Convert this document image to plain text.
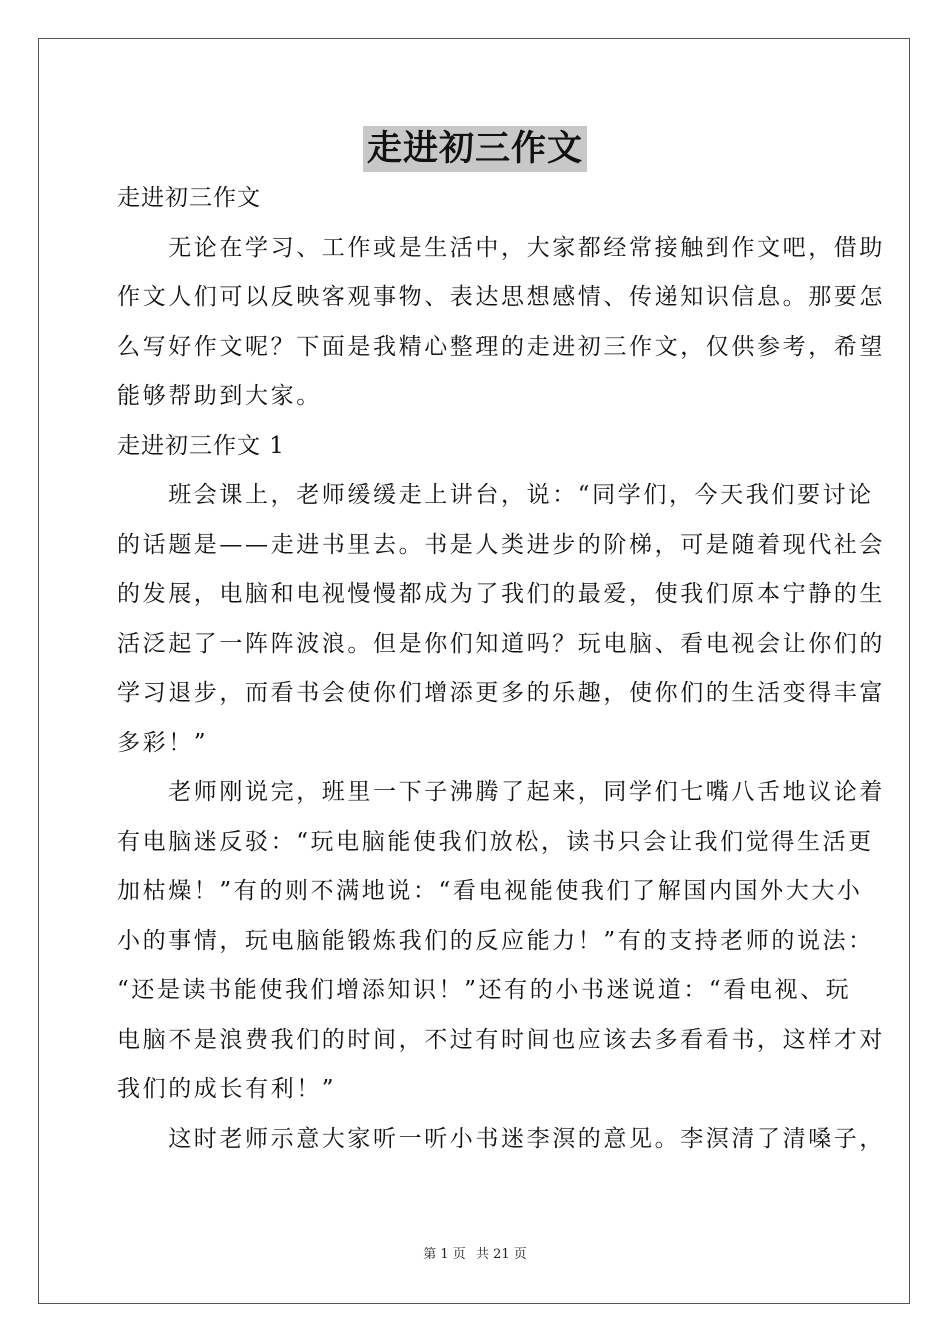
走进初三作文
走进初三作文
　　无论在学习、工作或是生活中，大家都经常接触到作文吧，借助
作文人们可以反映客观事物、表达思想感情、传递知识信息。那要怎
么写好作文呢？下面是我精心整理的走进初三作文，仅供参考，希望
能够帮助到大家。
走进初三作文 1
　　班会课上，老师缓缓走上讲台，说：“同学们，今天我们要讨论
的话题是——走进书里去。书是人类进步的阶梯，可是随着现代社会
的发展，电脑和电视慢慢都成为了我们的最爱，使我们原本宁静的生
活泛起了一阵阵波浪。但是你们知道吗？玩电脑、看电视会让你们的
学习退步，而看书会使你们增添更多的乐趣，使你们的生活变得丰富
多彩！”
　　老师刚说完，班里一下子沸腾了起来，同学们七嘴八舌地议论着
有电脑迷反驳：“玩电脑能使我们放松，读书只会让我们觉得生活更
加枯燥！”有的则不满地说：“看电视能使我们了解国内国外大大小
小的事情，玩电脑能锻炼我们的反应能力！”有的支持老师的说法：
“还是读书能使我们增添知识！”还有的小书迷说道：“看电视、玩
电脑不是浪费我们的时间，不过有时间也应该去多看看书，这样才对
我们的成长有利！”
　　这时老师示意大家听一听小书迷李溟的意见。李溟清了清嗓子，
第 1 页 共 21 页
